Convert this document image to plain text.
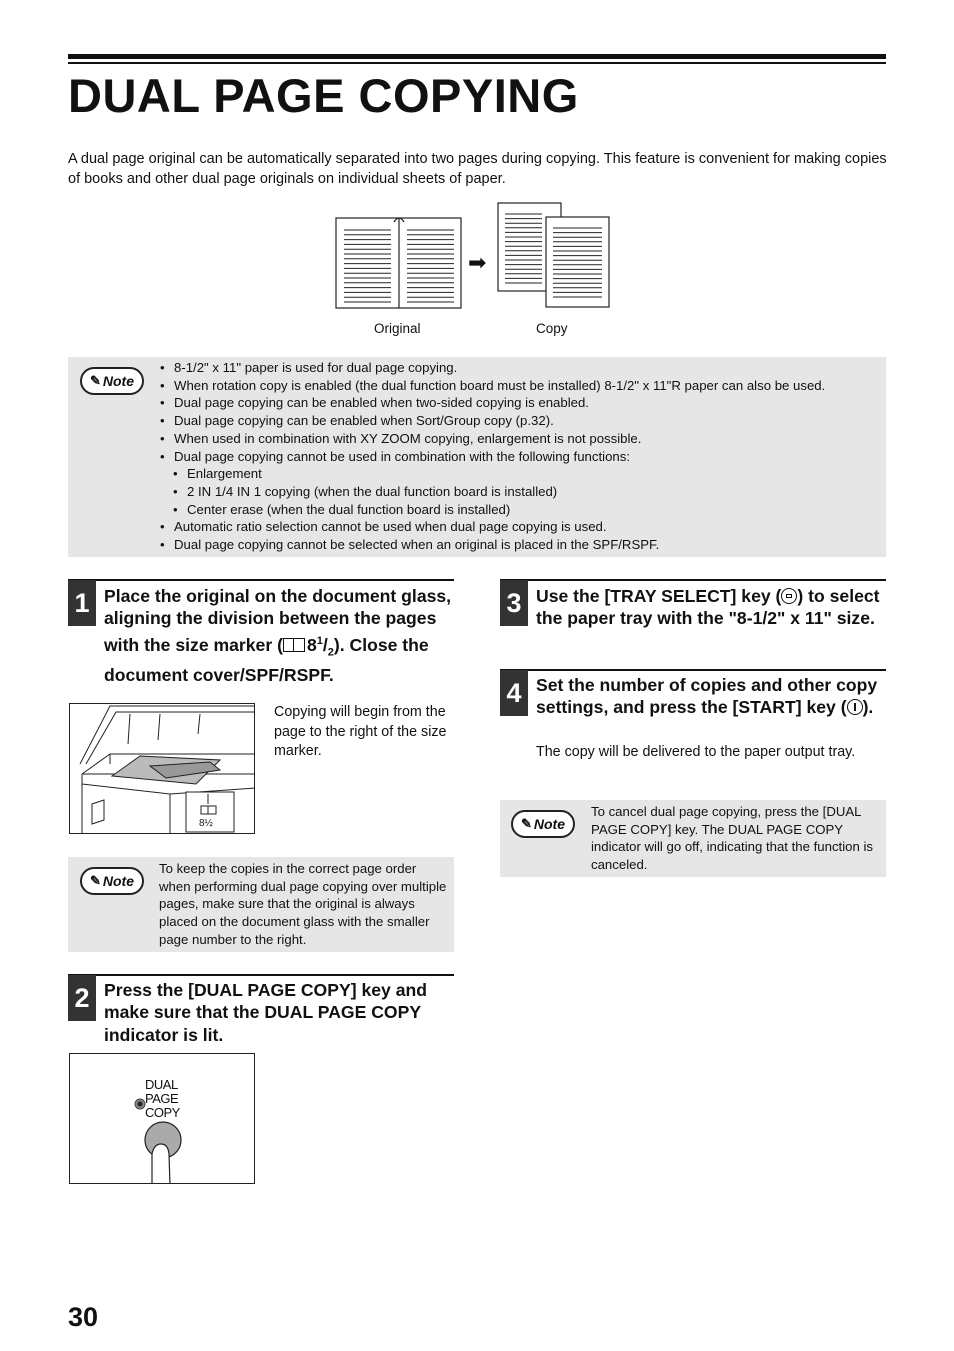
DUAL PAGE COPYING
A dual page original can be automatically separated into two pages during copying. This feature is convenient for making copies of books and other dual page originals on individual sheets of paper.
➡
Original	Copy
✎ Note
• 8-1/2" x 11" paper is used for dual page copying.
• When rotation copy is enabled (the dual function board must be installed) 8-1/2" x 11"R paper can also be used.
• Dual page copying can be enabled when two-sided copying is enabled.
• Dual page copying can be enabled when Sort/Group copy (p.32).
• When used in combination with XY ZOOM copying, enlargement is not possible.
• Dual page copying cannot be used in combination with the following functions:
• Enlargement
• 2 IN 1/4 IN 1 copying (when the dual function board is installed)
• Center erase (when the dual function board is installed)
• Automatic ratio selection cannot be used when dual page copying is used.
• Dual page copying cannot be selected when an original is placed in the SPF/RSPF.
1 Place the original on the document glass, aligning the division between the pages with the size marker ( $8^1/_2$). Close the document cover/SPF/RSPF.
8½
Copying will begin from the page to the right of the size marker.
✎ Note
To keep the copies in the correct page order when performing dual page copying over multiple pages, make sure that the original is always placed on the document glass with the smaller page number to the right.
2 Press the [DUAL PAGE COPY] key and make sure that the DUAL PAGE COPY indicator is lit.
DUAL
PAGE
COPY
3 Use the [TRAY SELECT] key ( ) to select the paper tray with the "8-1/2" x 11" size.
4 Set the number of copies and other copy settings, and press the [START] key ( ).
The copy will be delivered to the paper output tray.
✎ Note
To cancel dual page copying, press the [DUAL PAGE COPY] key. The DUAL PAGE COPY indicator will go off, indicating that the function is canceled.
30
